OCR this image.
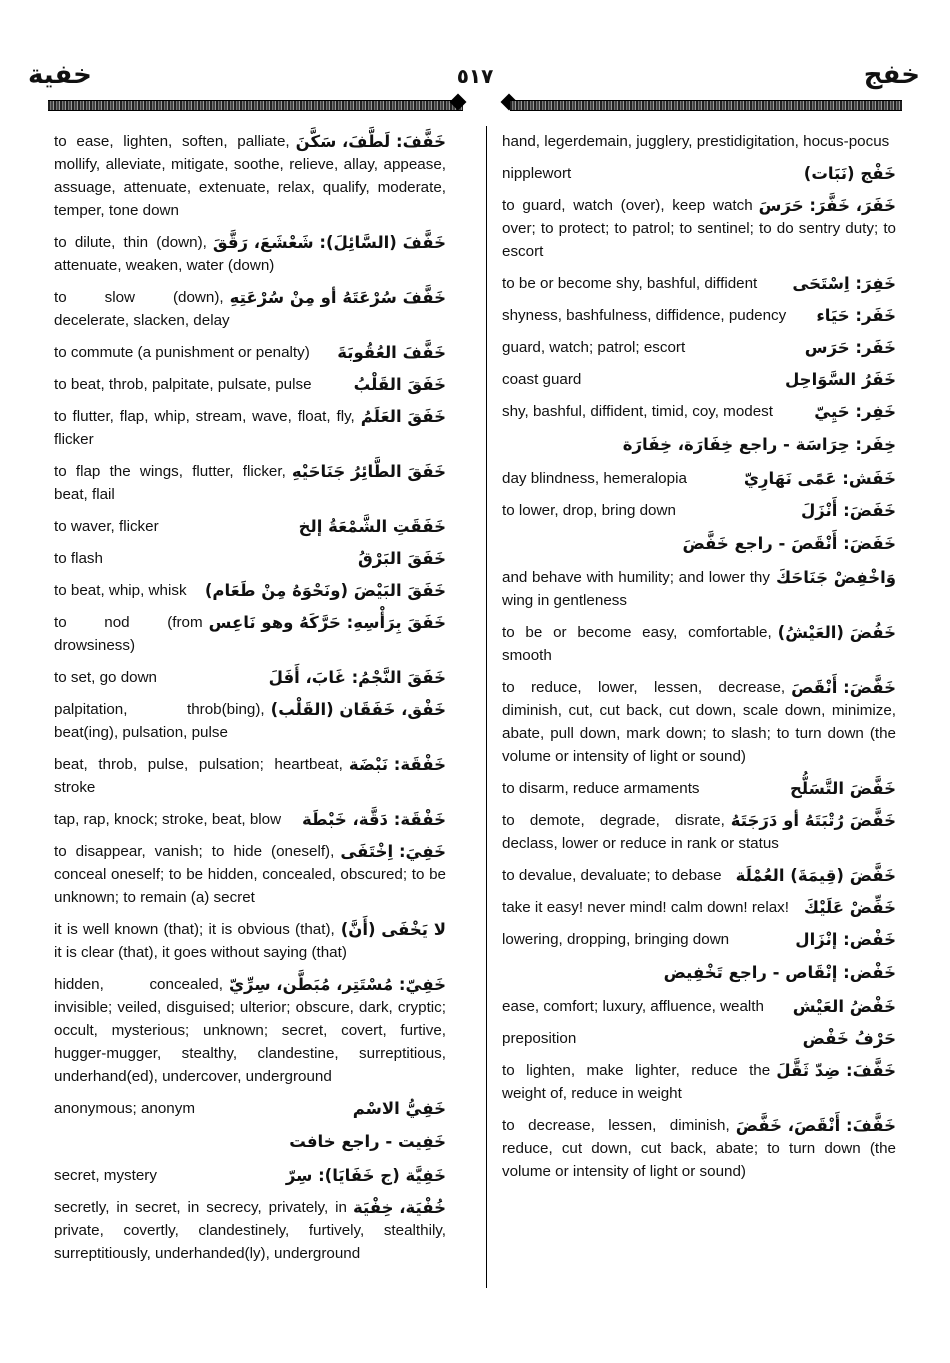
خفية	٥١٧	خفج
خَفَّفَ: لَطَّفَ، سَكَّنَ
to ease, lighten, soften, palliate, mollify, alleviate, mitigate, soothe, relieve, allay, appease, assuage, attenuate, extenuate, relax, qualify, moderate, temper, tone down
خَفَّفَ (السَّائِلَ): شَعْشَعَ، رَقَّقَ
to dilute, thin (down), attenuate, weaken, water (down)
خَفَّفَ سُرْعَتَهُ أو مِنْ سُرْعَتِهِ
to slow (down), decelerate, slacken, delay
خَفَّفَ العُقُوبَةَ
to commute (a punishment or penalty)
خَفَقَ القَلْبُ
to beat, throb, palpitate, pulsate, pulse
خَفَقَ العَلَمُ
to flutter, flap, whip, stream, wave, float, fly, flicker
خَفَقَ الطَّائِرُ جَنَاحَيْهِ
to flap the wings, flutter, flicker, beat, flail
خَفَقَتِ الشَّمْعَةُ إلخ
to waver, flicker
خَفَقَ البَرْقُ
to flash
خَفَقَ البَيْضَ (ونَحْوَهُ مِنْ طَعَام)
to beat, whip, whisk
خَفَقَ بِرَأْسِهِ: حَرَّكَهُ وهو نَاعِس
to nod (from drowsiness)
خَفَقَ النَّجْمُ: غَابَ، أَفَلَ
to set, go down
خَفْق، خَفَقَان (القَلْب)
palpitation, throb(bing), beat(ing), pulsation, pulse
خَفْقَة: نَبْضَة
beat, throb, pulse, pulsation; heartbeat, stroke
خَفْقَة: دَقَّة، خَبْطَة
tap, rap, knock; stroke, beat, blow
خَفِيَ: اِخْتَفَى
to disappear, vanish; to hide (oneself), conceal oneself; to be hidden, concealed, obscured; to be unknown; to remain (a) secret
لا يَخْفَى (أَنَّ)
it is well known (that); it is obvious (that), it is clear (that), it goes without saying (that)
خَفِيّ: مُسْتَتِر، مُبَطَّن، سِرِّيّ
hidden, concealed, invisible; veiled, disguised; ulterior; obscure, dark, cryptic; occult, mysterious; unknown; secret, covert, furtive, hugger-mugger, stealthy, clandestine, surreptitious, underhand(ed), undercover, underground
خَفِيُّ الاسْم
anonymous; anonym
خَفِيت - راجع خافت
خَفِيَّة (ج خَفَايَا): سِرّ
secret, mystery
خُفْيَة، خِفْيَة
secretly, in secret, in secrecy, privately, in private, covertly, clandestinely, furtively, stealthily, surreptitiously, underhanded(ly), underground
hand, legerdemain, jugglery, prestidigitation, hocus-pocus
خَفْج (نَبَات)
nipplewort
خَفَرَ، خَفَّرَ: حَرَسَ
to guard, watch (over), keep watch over; to protect; to patrol; to sentinel; to do sentry duty; to escort
خَفِرَ: اِسْتَحَى
to be or become shy, bashful, diffident
خَفَر: حَيَاء
shyness, bashfulness, diffidence, pudency
خَفَر: حَرَس
guard, watch; patrol; escort
خَفَرُ السَّوَاحِل
coast guard
خَفِر: حَيِيّ
shy, bashful, diffident, timid, coy, modest
خِفَر: حِرَاسَة - راجع خِفَارَة، خِفَارَة
خَفَش: عَمًى نَهَارِيّ
day blindness, hemeralopia
خَفَضَ: أَنْزَلَ
to lower, drop, bring down
خَفَضَ: أَنْقَصَ - راجع خَفَّضَ
وَاخْفِضْ جَنَاحَكَ
and behave with humility; and lower thy wing in gentleness
خَفُضَ (العَيْشُ)
to be or become easy, comfortable, smooth
خَفَّضَ: أَنْقَصَ
to reduce, lower, lessen, decrease, diminish, cut, cut back, cut down, scale down, minimize, abate, pull down, mark down; to slash; to turn down (the volume or intensity of light or sound)
خَفَّضَ التَّسَلُّح
to disarm, reduce armaments
خَفَّضَ رُتْبَتَهُ أو دَرَجَتَهُ
to demote, degrade, disrate, declass, lower or reduce in rank or status
خَفَّضَ (قِيمَةَ) العُمْلَة
to devalue, devaluate; to debase
خَفِّضْ عَلَيْكَ
take it easy! never mind! calm down! relax!
خَفْض: إنْزَال
lowering, dropping, bringing down
خَفْض: إنْقَاص - راجع تَخْفِيض
خَفْضُ العَيْش
ease, comfort; luxury, affluence, wealth
حَرْفُ خَفْض
preposition
خَفَّفَ: ضِدّ ثَقَّلَ
to lighten, make lighter, reduce the weight of, reduce in weight
خَفَّفَ: أَنْقَصَ، خَفَّضَ
to decrease, lessen, diminish, reduce, cut down, cut back, abate; to turn down (the volume or intensity of light or sound)
